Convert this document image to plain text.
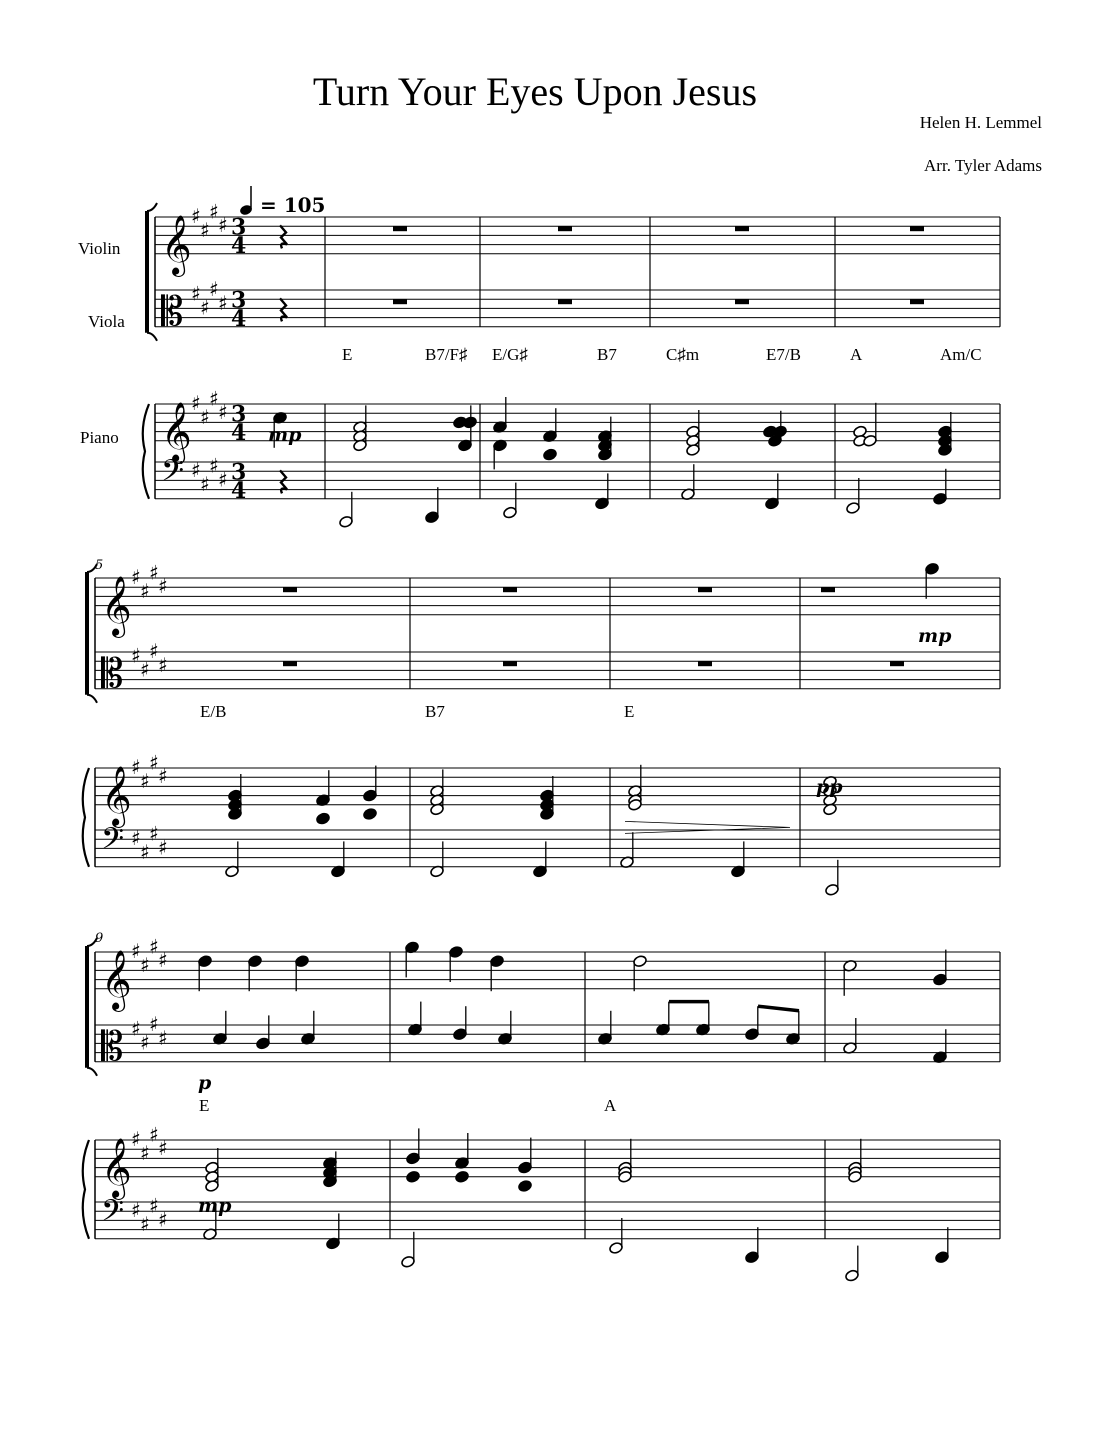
Turn Your Eyes Upon Jesus
Helen H. Lemmel
Arr. Tyler Adams
𝄞
𝄡
𝄞
𝄢
♯
♯
♯
♯
♯
♯
♯
♯
♯
♯
♯
♯
♯
♯
♯
♯
3
4
3
4
3
4
3
4
𝄞
𝄡
𝄞
𝄢
♯
♯
♯
♯
♯
♯
♯
♯
♯
♯
♯
♯
♯
♯
♯
♯
𝄞
𝄡
𝄞
𝄢
♯
♯
♯
♯
♯
♯
♯
♯
♯
♯
♯
♯
♯
♯
♯
♯
Violin
Viola
Piano
= 105
5
9
E	B7/F♯ E/G♯	B7	C♯m	E7/B	A	Am/C
E/B	B7	E
E	A
mp
mp
pp
p
mp
